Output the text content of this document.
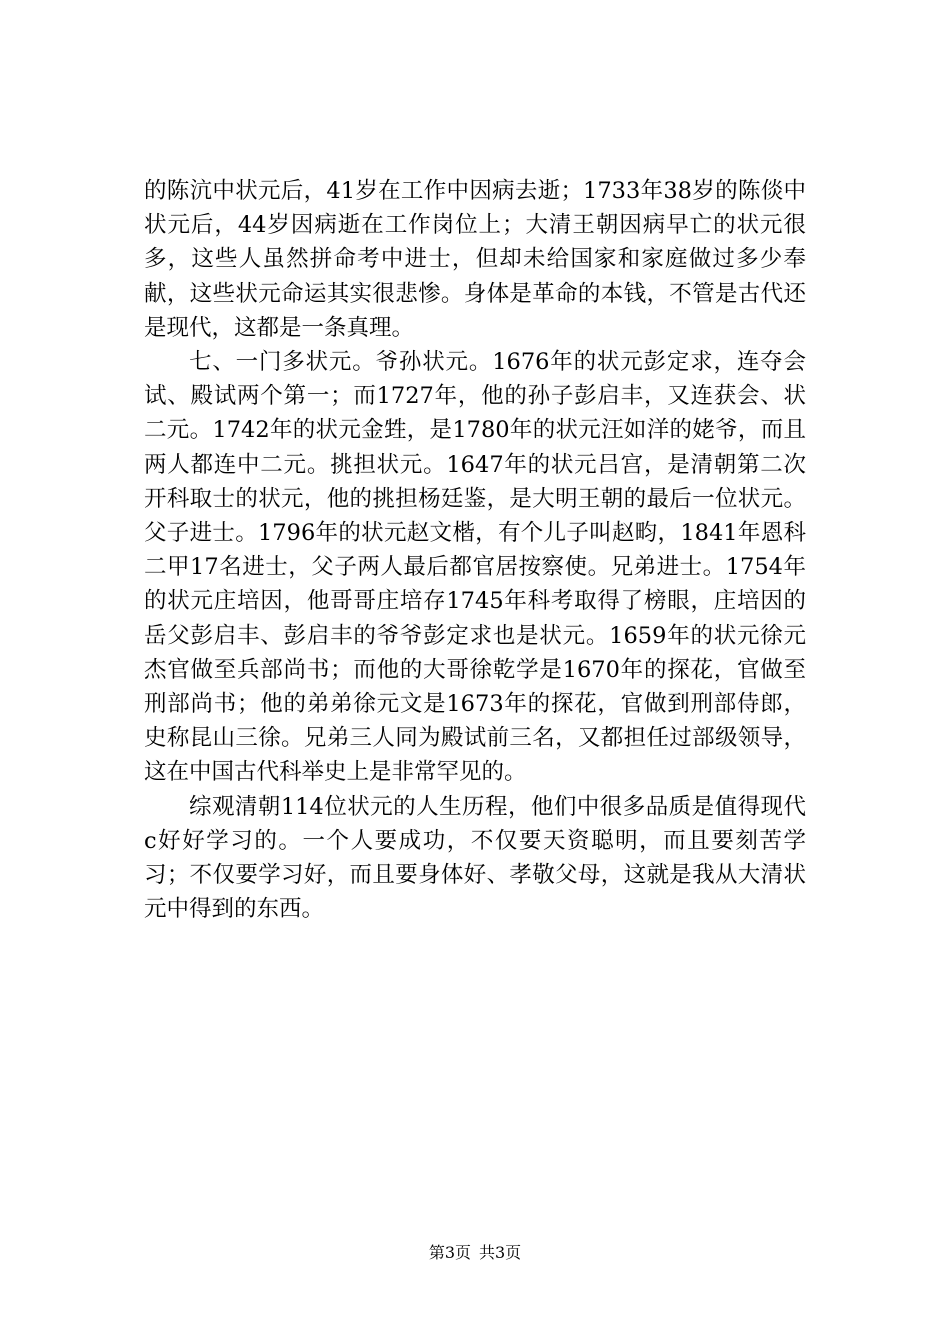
的陈沆中状元后，41岁在工作中因病去逝；1733年38岁的陈倓中状元后，44岁因病逝在工作岗位上；大清王朝因病早亡的状元很多，这些人虽然拼命考中进士，但却未给国家和家庭做过多少奉献，这些状元命运其实很悲惨。身体是革命的本钱，不管是古代还是现代，这都是一条真理。

七、一门多状元。爷孙状元。1676年的状元彭定求，连夺会试、殿试两个第一；而1727年，他的孙子彭启丰，又连获会、状二元。1742年的状元金甡，是1780年的状元汪如洋的姥爷，而且两人都连中二元。挑担状元。1647年的状元吕宫，是清朝第二次开科取士的状元，他的挑担杨廷鉴，是大明王朝的最后一位状元。父子进士。1796年的状元赵文楷，有个儿子叫赵畇，1841年恩科二甲17名进士，父子两人最后都官居按察使。兄弟进士。1754年的状元庄培因，他哥哥庄培存1745年科考取得了榜眼，庄培因的岳父彭启丰、彭启丰的爷爷彭定求也是状元。1659年的状元徐元杰官做至兵部尚书；而他的大哥徐乾学是1670年的探花，官做至刑部尚书；他的弟弟徐元文是1673年的探花，官做到刑部侍郎，史称昆山三徐。兄弟三人同为殿试前三名，又都担任过部级领导，这在中国古代科举史上是非常罕见的。

综观清朝114位状元的人生历程，他们中很多品质是值得现代c好好学习的。一个人要成功，不仅要天资聪明，而且要刻苦学习；不仅要学习好，而且要身体好、孝敬父母，这就是我从大清状元中得到的东西。

第3页 共3页
